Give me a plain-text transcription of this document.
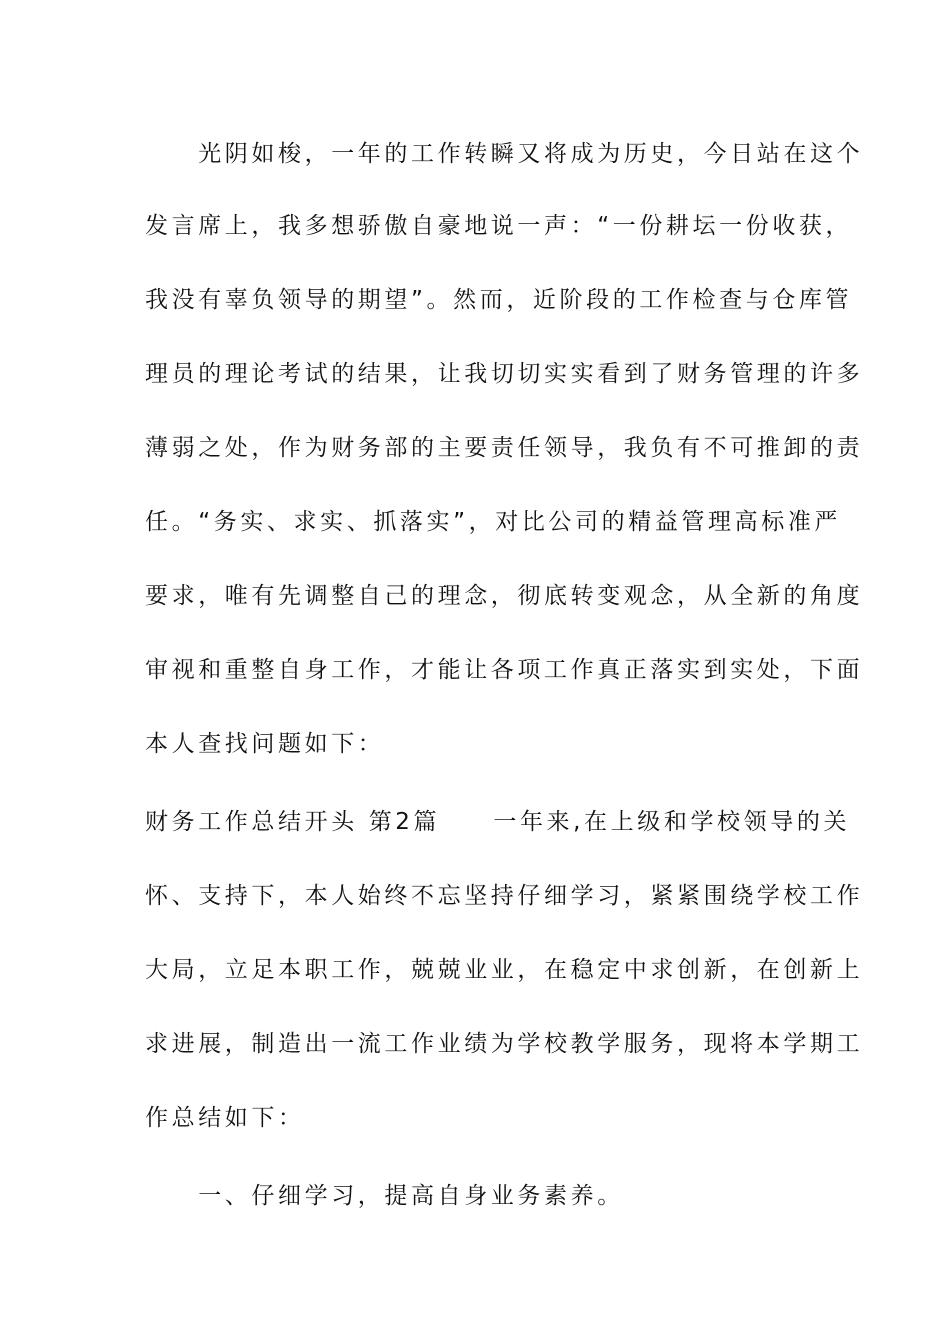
　　光阴如梭，一年的工作转瞬又将成为历史，今日站在这个
发言席上，我多想骄傲自豪地说一声：“一份耕坛一份收获，
我没有辜负领导的期望”。然而，近阶段的工作检查与仓库管
理员的理论考试的结果，让我切切实实看到了财务管理的许多
薄弱之处，作为财务部的主要责任领导，我负有不可推卸的责
任。“务实、求实、抓落实”，对比公司的精益管理高标准严
要求，唯有先调整自己的理念，彻底转变观念，从全新的角度
审视和重整自身工作，才能让各项工作真正落实到实处，下面
本人查找问题如下：
财务工作总结开头 第2篇　　一年来,在上级和学校领导的关
怀、支持下，本人始终不忘坚持仔细学习，紧紧围绕学校工作
大局，立足本职工作，兢兢业业，在稳定中求创新，在创新上
求进展，制造出一流工作业绩为学校教学服务，现将本学期工
作总结如下：
　　一、仔细学习，提高自身业务素养。
